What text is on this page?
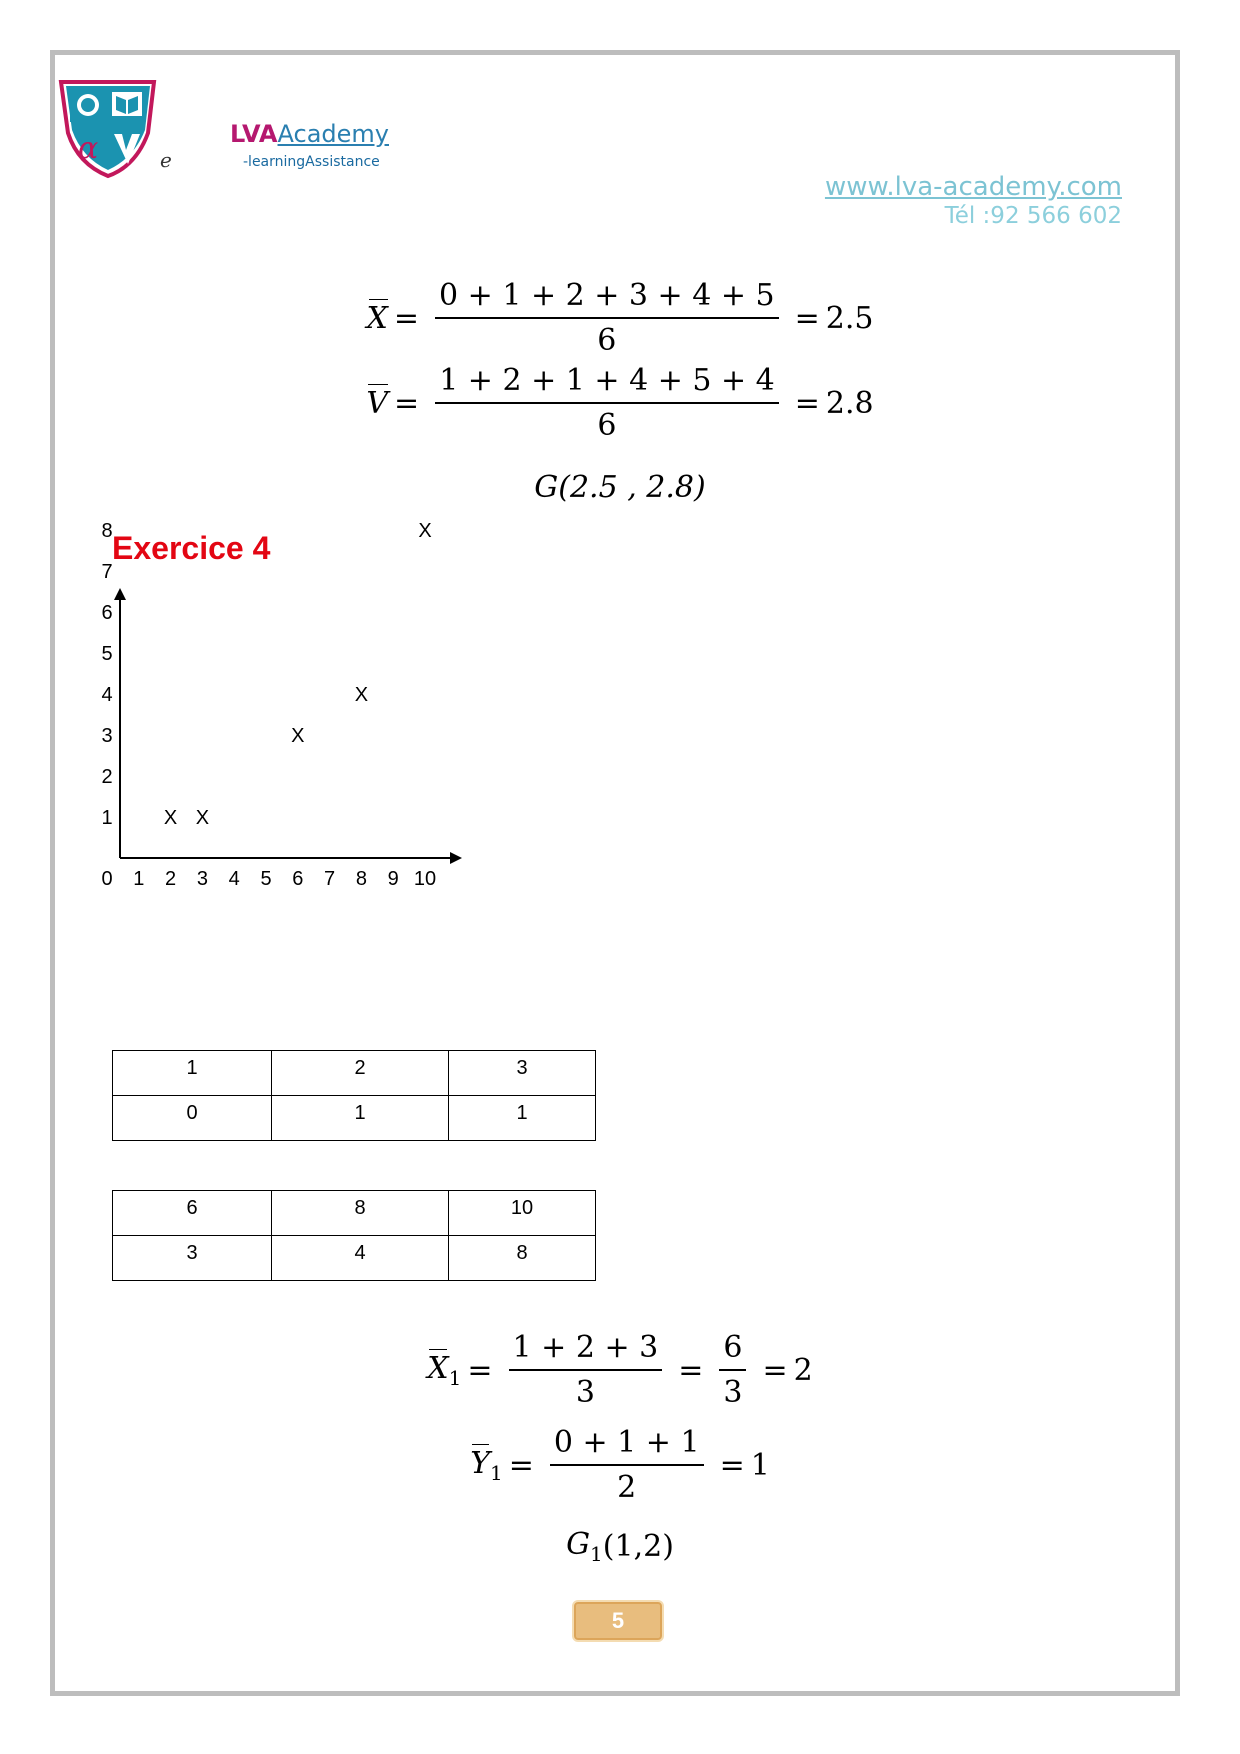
α	e
LVAAcademy
-learningAssistance
www.lva-academy.com
Tél :92 566 602
$X = \frac{0 + 1 + 2 + 3 + 4 + 5}{6} = 2.5$
$V = \frac{1 + 2 + 1 + 4 + 5 + 4}{6} = 2.8$
G(2.5 , 2.8)
Exercice 4
0 1 2 3 4 5 6 7 8 9 10
1
2
3
4
5
6
7
8
X X
X
X
X
1	2	3
0	1	1
6	8	10
3	4	8
$X_1 = \frac{1 + 2 + 3}{3} = \frac{6}{3} = 2$
$Y_1 = \frac{0 + 1 + 1}{2} = 1$
$G_1$ (1,2)
5
